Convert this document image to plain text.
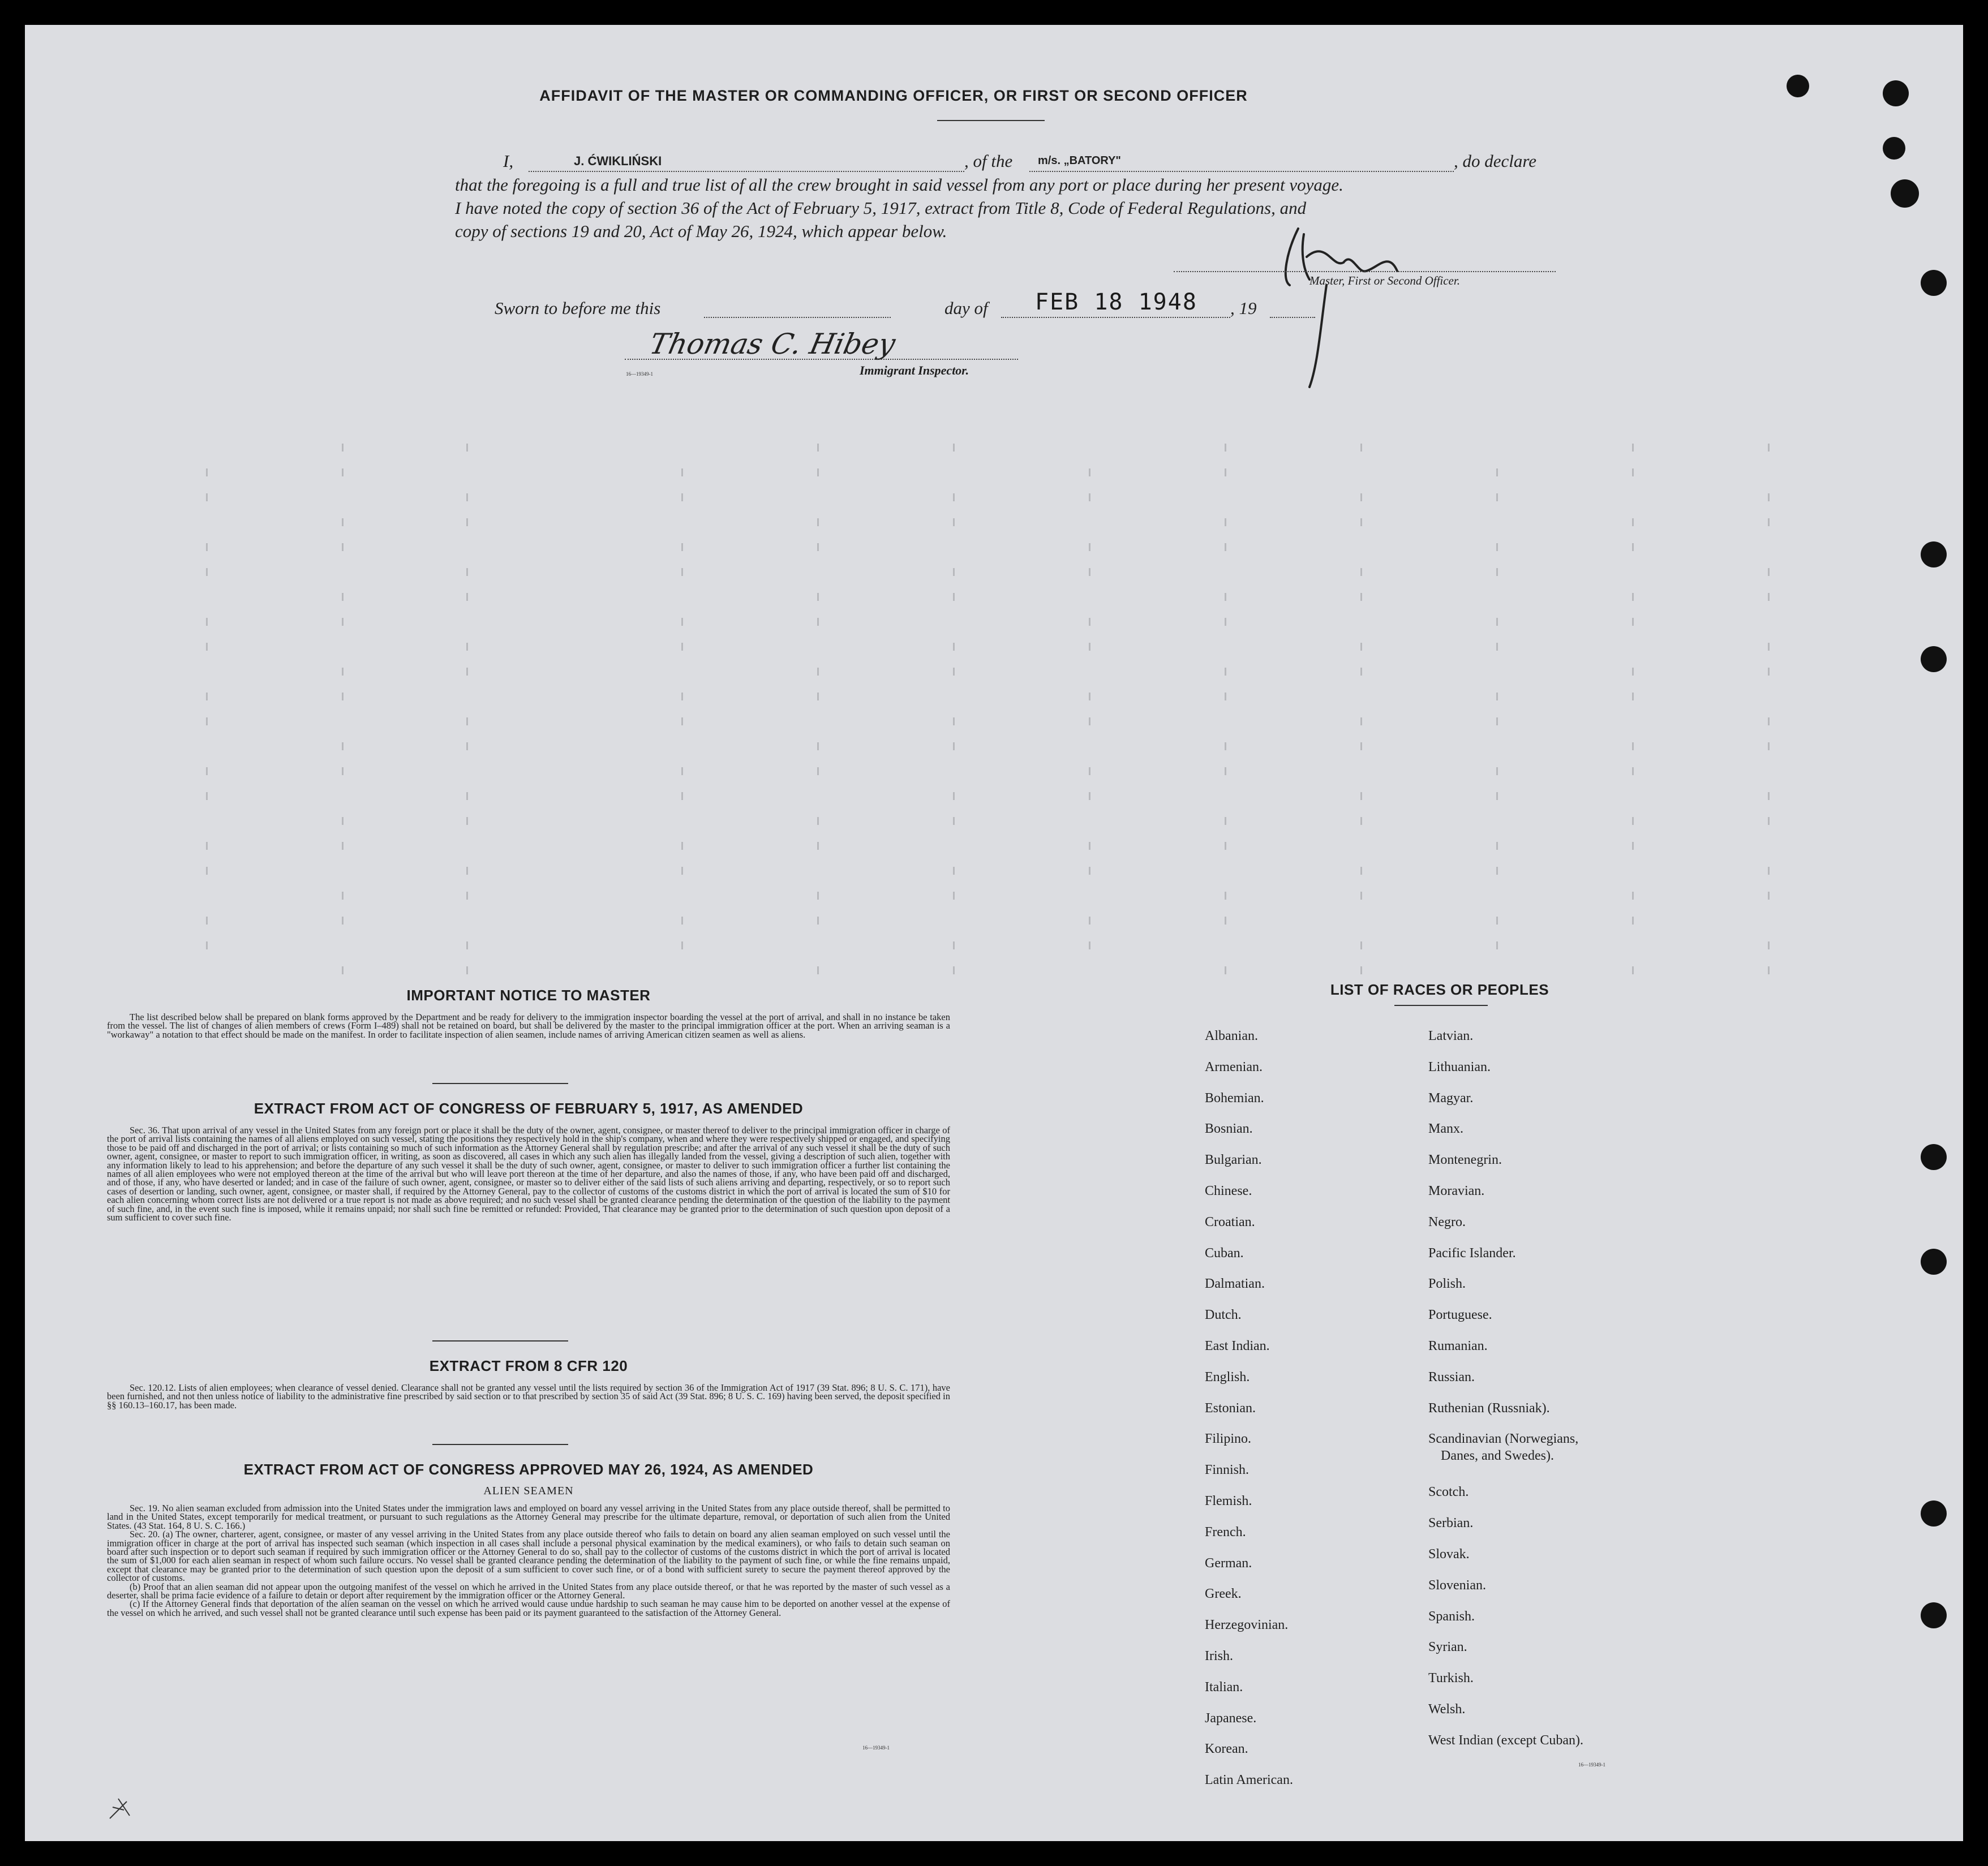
AFFIDAVIT OF THE MASTER OR COMMANDING OFFICER, OR FIRST OR SECOND OFFICER
I,	J. ĆWIKLIŃSKI	, of the m/s. „BATORY"	, do declare
that the foregoing is a full and true list of all the crew brought in said vessel from any port or place during her present voyage.
I have noted the copy of section 36 of the Act of February 5, 1917, extract from Title 8, Code of Federal Regulations, and
copy of sections 19 and 20, Act of May 26, 1924, which appear below.
Master, First or Second Officer.
Sworn to before me this	day of FEB 18 1948 , 19
Thomas C. Hibey
Immigrant Inspector.
16—19349-1
IMPORTANT NOTICE TO MASTER

The list described below shall be prepared on blank forms approved by the Department and be ready for delivery to the immigration inspector boarding the vessel at the port of arrival, and shall in no instance be taken from the vessel. The list of changes of alien members of crews (Form I–489) shall not be retained on board, but shall be delivered by the master to the principal immigration officer at the port. When an arriving seaman is a "workaway" a notation to that effect should be made on the manifest. In order to facilitate inspection of alien seamen, include names of arriving American citizen seamen as well as aliens.

EXTRACT FROM ACT OF CONGRESS OF FEBRUARY 5, 1917, AS AMENDED

Sec. 36. That upon arrival of any vessel in the United States from any foreign port or place it shall be the duty of the owner, agent, consignee, or master thereof to deliver to the principal immigration officer in charge of the port of arrival lists containing the names of all aliens employed on such vessel, stating the positions they respectively hold in the ship's company, when and where they were respectively shipped or engaged, and specifying those to be paid off and discharged in the port of arrival; or lists containing so much of such information as the Attorney General shall by regulation prescribe; and after the arrival of any such vessel it shall be the duty of such owner, agent, consignee, or master to report to such immigration officer, in writing, as soon as discovered, all cases in which any such alien has illegally landed from the vessel, giving a description of such alien, together with any information likely to lead to his apprehension; and before the departure of any such vessel it shall be the duty of such owner, agent, consignee, or master to deliver to such immigration officer a further list containing the names of all alien employees who were not employed thereon at the time of the arrival but who will leave port thereon at the time of her departure, and also the names of those, if any, who have been paid off and discharged, and of those, if any, who have deserted or landed; and in case of the failure of such owner, agent, consignee, or master so to deliver either of the said lists of such aliens arriving and departing, respectively, or so to report such cases of desertion or landing, such owner, agent, consignee, or master shall, if required by the Attorney General, pay to the collector of customs of the customs district in which the port of arrival is located the sum of $10 for each alien concerning whom correct lists are not delivered or a true report is not made as above required; and no such vessel shall be granted clearance pending the determination of the question of the liability to the payment of such fine, and, in the event such fine is imposed, while it remains unpaid; nor shall such fine be remitted or refunded: Provided, That clearance may be granted prior to the determination of such question upon deposit of a sum sufficient to cover such fine.

EXTRACT FROM 8 CFR 120

Sec. 120.12. Lists of alien employees; when clearance of vessel denied. Clearance shall not be granted any vessel until the lists required by section 36 of the Immigration Act of 1917 (39 Stat. 896; 8 U. S. C. 171), have been furnished, and not then unless notice of liability to the administrative fine prescribed by said section or to that prescribed by section 35 of said Act (39 Stat. 896; 8 U. S. C. 169) having been served, the deposit specified in §§ 160.13–160.17, has been made.

EXTRACT FROM ACT OF CONGRESS APPROVED MAY 26, 1924, AS AMENDED
ALIEN SEAMEN

Sec. 19. No alien seaman excluded from admission into the United States under the immigration laws and employed on board any vessel arriving in the United States from any place outside thereof, shall be permitted to land in the United States, except temporarily for medical treatment, or pursuant to such regulations as the Attorney General may prescribe for the ultimate departure, removal, or deportation of such alien from the United States. (43 Stat. 164, 8 U. S. C. 166.)

Sec. 20. (a) The owner, charterer, agent, consignee, or master of any vessel arriving in the United States from any place outside thereof who fails to detain on board any alien seaman employed on such vessel until the immigration officer in charge at the port of arrival has inspected such seaman (which inspection in all cases shall include a personal physical examination by the medical examiners), or who fails to detain such seaman on board after such inspection or to deport such seaman if required by such immigration officer or the Attorney General to do so, shall pay to the collector of customs of the customs district in which the port of arrival is located the sum of $1,000 for each alien seaman in respect of whom such failure occurs. No vessel shall be granted clearance pending the determination of the liability to the payment of such fine, or while the fine remains unpaid, except that clearance may be granted prior to the determination of such question upon the deposit of a sum sufficient to cover such fine, or of a bond with sufficient surety to secure the payment thereof approved by the collector of customs.

(b) Proof that an alien seaman did not appear upon the outgoing manifest of the vessel on which he arrived in the United States from any place outside thereof, or that he was reported by the master of such vessel as a deserter, shall be prima facie evidence of a failure to detain or deport after requirement by the immigration officer or the Attorney General.

(c) If the Attorney General finds that deportation of the alien seaman on the vessel on which he arrived would cause undue hardship to such seaman he may cause him to be deported on another vessel at the expense of the vessel on which he arrived, and such vessel shall not be granted clearance until such expense has been paid or its payment guaranteed to the satisfaction of the Attorney General.

16—19349-1
LIST OF RACES OR PEOPLES
Albanian.
Armenian.
Bohemian.
Bosnian.
Bulgarian.
Chinese.
Croatian.
Cuban.
Dalmatian.
Dutch.
East Indian.
English.
Estonian.
Filipino.
Finnish.
Flemish.
French.
German.
Greek.
Herzegovinian.
Irish.
Italian.
Japanese.
Korean.
Latin American.
Latvian.
Lithuanian.
Magyar.
Manx.
Montenegrin.
Moravian.
Negro.
Pacific Islander.
Polish.
Portuguese.
Rumanian.
Russian.
Ruthenian (Russniak).
Scandinavian (Norwegians,
Danes, and Swedes).
Scotch.
Serbian.
Slovak.
Slovenian.
Spanish.
Syrian.
Turkish.
Welsh.
West Indian (except Cuban).
16—19349-1
